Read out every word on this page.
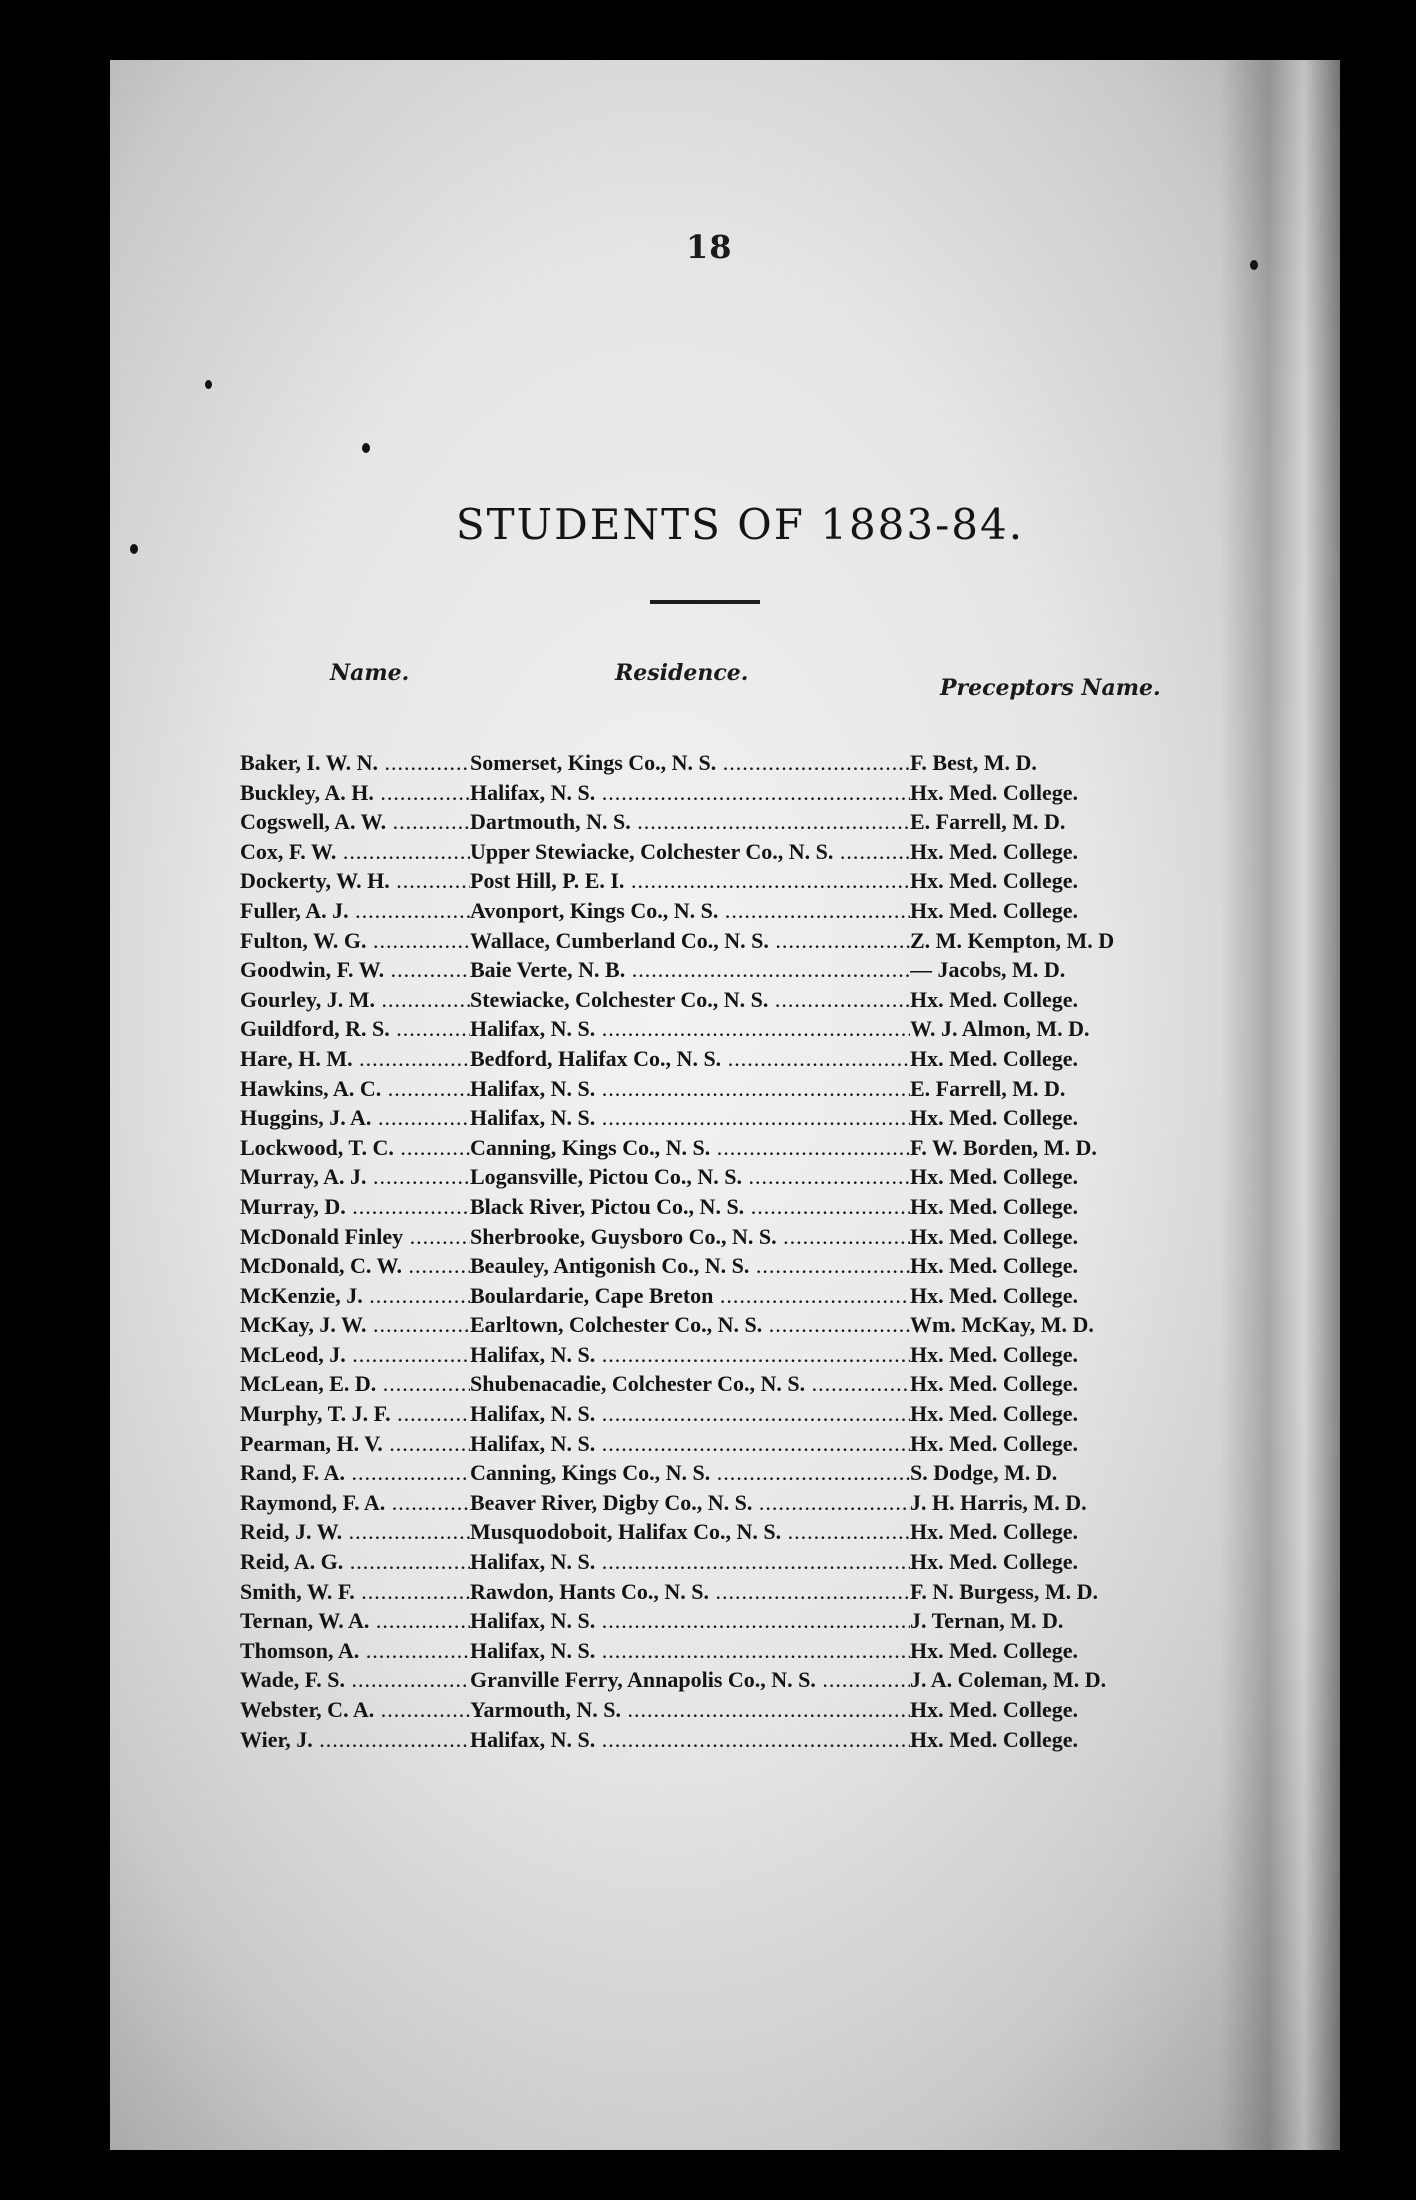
18
STUDENTS OF 1883-84.
Name.	Residence.
Preceptors Name.
Baker, I. W. N. .....	Somerset, Kings Co., N. S. .....	F. Best, M. D.
Buckley, A. H. .....	Halifax, N. S. .....	Hx. Med. College.
Cogswell, A. W. .....	Dartmouth, N. S. .....	E. Farrell, M. D.
Cox, F. W. .....	Upper Stewiacke, Colchester Co., N. S. .....	Hx. Med. College.
Dockerty, W. H. .....	Post Hill, P. E. I. .....	Hx. Med. College.
Fuller, A. J. .....	Avonport, Kings Co., N. S. .....	Hx. Med. College.
Fulton, W. G. .....	Wallace, Cumberland Co., N. S. .....	Z. M. Kempton, M. D
Goodwin, F. W. .....	Baie Verte, N. B. .....	— Jacobs, M. D.
Gourley, J. M. .....	Stewiacke, Colchester Co., N. S. .....	Hx. Med. College.
Guildford, R. S. .....	Halifax, N. S. .....	W. J. Almon, M. D.
Hare, H. M. .....	Bedford, Halifax Co., N. S. .....	Hx. Med. College.
Hawkins, A. C. .....	Halifax, N. S. .....	E. Farrell, M. D.
Huggins, J. A. .....	Halifax, N. S. .....	Hx. Med. College.
Lockwood, T. C. .....	Canning, Kings Co., N. S. .....	F. W. Borden, M. D.
Murray, A. J. .....	Logansville, Pictou Co., N. S. .....	Hx. Med. College.
Murray, D. .....	Black River, Pictou Co., N. S. .....	Hx. Med. College.
McDonald Finley .....	Sherbrooke, Guysboro Co., N. S. .....	Hx. Med. College.
McDonald, C. W. .....	Beauley, Antigonish Co., N. S. .....	Hx. Med. College.
McKenzie, J. .....	Boulardarie, Cape Breton .....	Hx. Med. College.
McKay, J. W. .....	Earltown, Colchester Co., N. S. .....	Wm. McKay, M. D.
McLeod, J. .....	Halifax, N. S. .....	Hx. Med. College.
McLean, E. D. .....	Shubenacadie, Colchester Co., N. S. .....	Hx. Med. College.
Murphy, T. J. F. .....	Halifax, N. S. .....	Hx. Med. College.
Pearman, H. V. .....	Halifax, N. S. .....	Hx. Med. College.
Rand, F. A. .....	Canning, Kings Co., N. S. .....	S. Dodge, M. D.
Raymond, F. A. .....	Beaver River, Digby Co., N. S. .....	J. H. Harris, M. D.
Reid, J. W. .....	Musquodoboit, Halifax Co., N. S. .....	Hx. Med. College.
Reid, A. G. .....	Halifax, N. S. .....	Hx. Med. College.
Smith, W. F. .....	Rawdon, Hants Co., N. S. .....	F. N. Burgess, M. D.
Ternan, W. A. .....	Halifax, N. S. .....	J. Ternan, M. D.
Thomson, A. .....	Halifax, N. S. .....	Hx. Med. College.
Wade, F. S. .....	Granville Ferry, Annapolis Co., N. S. .....	J. A. Coleman, M. D.
Webster, C. A. .....	Yarmouth, N. S. .....	Hx. Med. College.
Wier, J. .....	Halifax, N. S. .....	Hx. Med. College.
